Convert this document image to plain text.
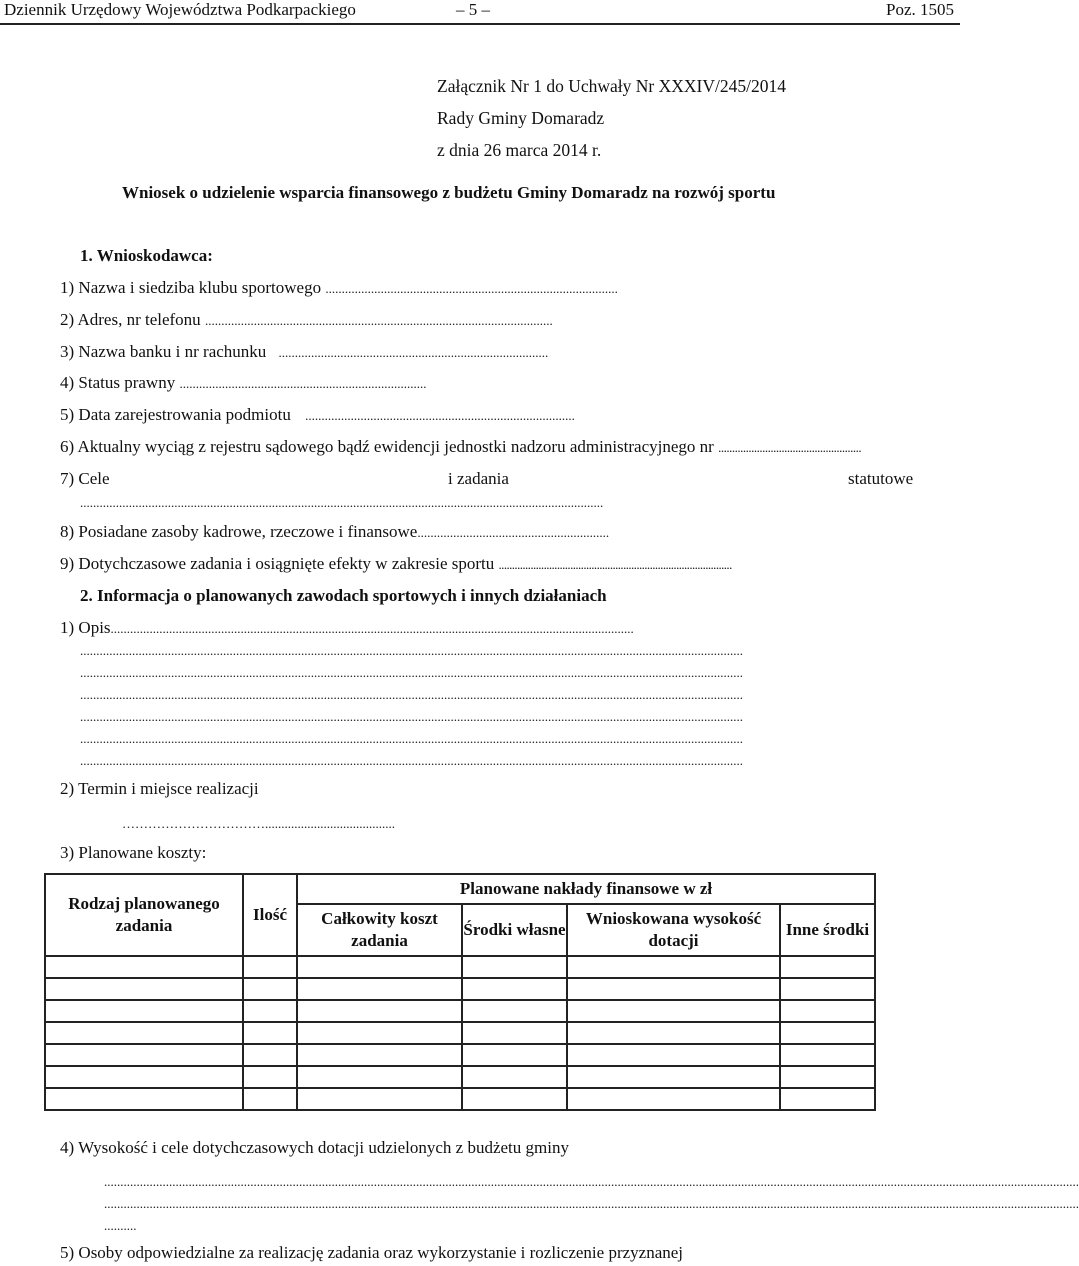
Dziennik Urzędowy Województwa Podkarpackiego	– 5 –	Poz. 1505
Załącznik Nr 1 do Uchwały Nr XXXIV/245/2014
Rady Gminy Domaradz
z dnia 26 marca 2014 r.
Wniosek o udzielenie wsparcia finansowego z budżetu Gminy Domaradz na rozwój sportu
1. Wnioskodawca:
1) Nazwa i siedziba klubu sportowego ..........................................................................................
2) Adres, nr telefonu ...........................................................................................................
3) Nazwa banku i nr rachunku ...................................................................................
4) Status prawny ............................................................................
5) Data zarejestrowania podmiotu ...................................................................................
6) Aktualny wyciąg z rejestru sądowego bądź ewidencji jednostki nadzoru administracyjnego nr ....................................................
7) Cele	i zadania	statutowe
.................................................................................................................................................................
8) Posiadane zasoby kadrowe, rzeczowe i finansowe...........................................................
9) Dotychczasowe zadania i osiągnięte efekty w zakresie sportu ........................................................................................
2. Informacja o planowanych zawodach sportowych i innych działaniach
1) Opis.................................................................................................................................................................
............................................................................................................................................................................................................
............................................................................................................................................................................................................
............................................................................................................................................................................................................
............................................................................................................................................................................................................
............................................................................................................................................................................................................
............................................................................................................................................................................................................
2) Termin i miejsce realizacji
……………………………........................................
3) Planowane koszty:
Rodzaj planowanego zadania	Ilość	Planowane nakłady finansowe w zł			
		Całkowity koszt zadania	Środki własne	Wnioskowana wysokość dotacji	Inne środki

4) Wysokość i cele dotychczasowych dotacji udzielonych z budżetu gminy
............................................................................................................................................................................................................................................................................................................
............................................................................................................................................................................................................................................................................................................
..........
5) Osoby odpowiedzialne za realizację zadania oraz wykorzystanie i rozliczenie przyznanej
